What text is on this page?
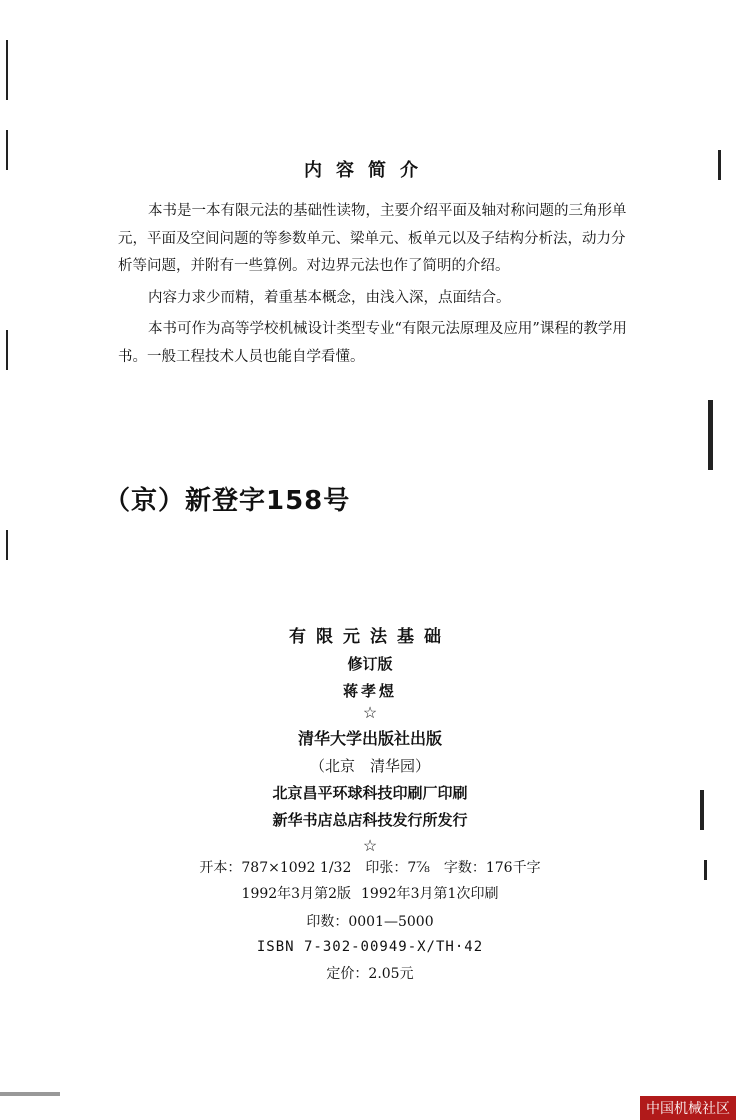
内容简介

本书是一本有限元法的基础性读物，主要介绍平面及轴对称问题的三角形单元，平面及空间问题的等参数单元、梁单元、板单元以及子结构分析法，动力分析等问题，并附有一些算例。对边界元法也作了简明的介绍。

内容力求少而精，着重基本概念，由浅入深，点面结合。

本书可作为高等学校机械设计类型专业“有限元法原理及应用”课程的教学用书。一般工程技术人员也能自学看懂。

（京）新登字158号
有限元法基础
修订版
蒋孝煜
☆
清华大学出版社出版
（北京　清华园）
北京昌平环球科技印刷厂印刷
新华书店总店科技发行所发行
☆
开本：787×1092 1/32 印张：7⅞ 字数：176千字
1992年3月第2版 1992年3月第1次印刷
印数：0001—5000
ISBN 7-302-00949-X/TH·42
定价：2.05元
中国机械社区
